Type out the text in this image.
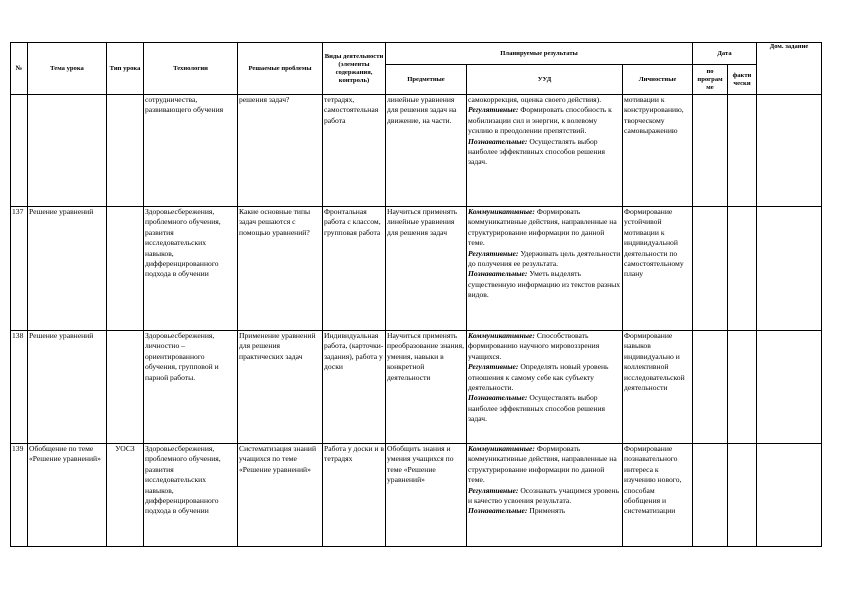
№	Тема урока	Тип урока	Технологии	Решаемые проблемы	Виды деятельности (элементы содержания, контроль)	Планируемые результаты			Дата		Дом. задание
						Предметные	УУД	Личностные	по програм ме	факти чески	
			сотрудничества, развивающего обучения	решения задач?	тетрадях, самостоятельная работа	линейные уравнения для решения задач на движение, на части.	самокоррекция, оценка своего действия).
Регулятивные: Формировать способность к мобилизации сил и энергии, к волевому усилию в преодолении препятствий.
Познавательные: Осуществлять выбор наиболее эффективных способов решения задач.	мотивации к конструированию, творческому самовыражению			
137	Решение уравнений		Здоровьесбережения, проблемного обучения, развития исследовательских навыков, дифференцированного подхода в обучении	Какие основные типы задач решаются с помощью уравнений?	Фронтальная работа с классом, групповая работа	Научиться применять линейные уравнения для решения задач	Коммуникативные: Формировать коммуникативные действия, направленные на структурирование информации по данной теме.
Регулятивные: Удерживать цель деятельности до получения ее результата.
Познавательные: Уметь выделять существенную информацию из текстов разных видов.	Формирование устойчивой мотивации к индивидуальной деятельности по самостоятельному плану			
138	Решение уравнений		Здоровьесбережения, личностно – ориентированного обучения, групповой и парной работы.	Применение уравнений для решения практических задач	Индивидуальная работа, (карточки-задания), работа у доски	Научиться применять преобразование знания, умения, навыки в конкретной деятельности	Коммуникативные: Способствовать формированию научного мировоззрения учащихся.
Регулятивные: Определять новый уровень отношения к самому себе как субъекту деятельности.
Познавательные: Осуществлять выбор наиболее эффективных способов решения задач.	Формирование навыков индивидуально и коллективной исследовательской деятельности			
139	Обобщение по теме «Решение уравнений»	УОСЗ	Здоровьесбережения, проблемного обучения, развития исследовательских навыков, дифференцированного подхода в обучении	Систематизация знаний учащихся по теме «Решение уравнений»	Работа у доски и в тетрадях	Обобщить знания и умения учащихся по теме «Решение уравнений»	Коммуникативные: Формировать коммуникативные действия, направленные на структурирование информации по данной теме.
Регулятивные: Осознавать учащимся уровень и качество усвоения результата.
Познавательные: Применять	Формирование познавательного интереса к изучению нового, способам обобщения и систематизации			
